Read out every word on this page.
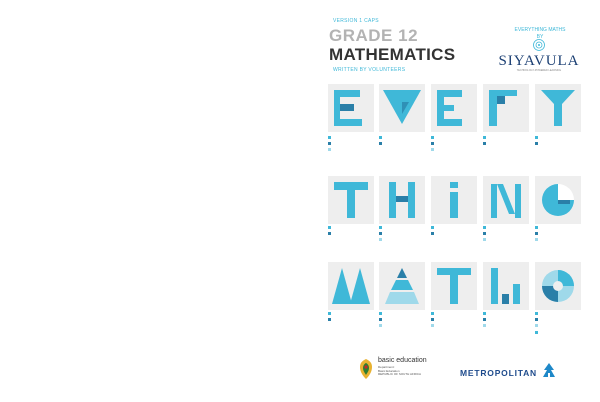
VERSION 1 CAPS
GRADE 12
MATHEMATICS
WRITTEN BY VOLUNTEERS
EVERYTHING MATHS
BY
SIYAVULA
TECHNOLOGY-POWERED LEARNING

basic education
Department:
Basic Education
REPUBLIC OF SOUTH AFRICA	METROPOLITAN
